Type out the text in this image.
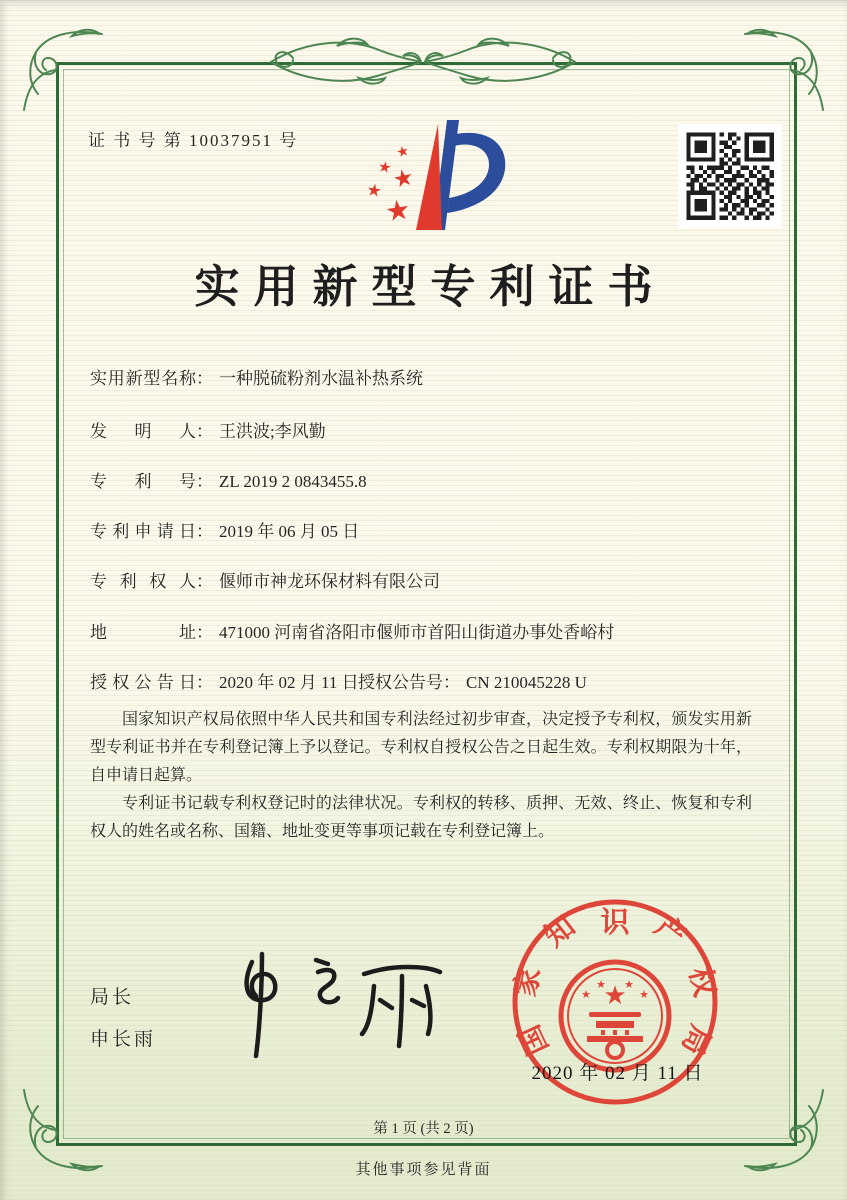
证 书 号 第 10037951 号
★
★
★
★
★
实用新型专利证书
实用新型名称： 一种脱硫粉剂水温补热系统
发明人： 王洪波;李风勤
专利号： ZL 2019 2 0843455.8
专利申请日： 2019 年 06 月 05 日
专利权人： 偃师市神龙环保材料有限公司
地址： 471000 河南省洛阳市偃师市首阳山街道办事处香峪村
授权公告日： 2020 年 02 月 11 日 授权公告号： CN 210045228 U

国家知识产权局依照中华人民共和国专利法经过初步审查，决定授予专利权，颁发实用新型专利证书并在专利登记簿上予以登记。专利权自授权公告之日起生效。专利权期限为十年，自申请日起算。

专利证书记载专利权登记时的法律状况。专利权的转移、质押、无效、终止、恢复和专利权人的姓名或名称、国籍、地址变更等事项记载在专利登记簿上。

局长
申长雨	国
家
知 识 产
权
局
★
★
★ ★
★
2020 年 02 月 11 日
第 1 页 (共 2 页)
其他事项参见背面
